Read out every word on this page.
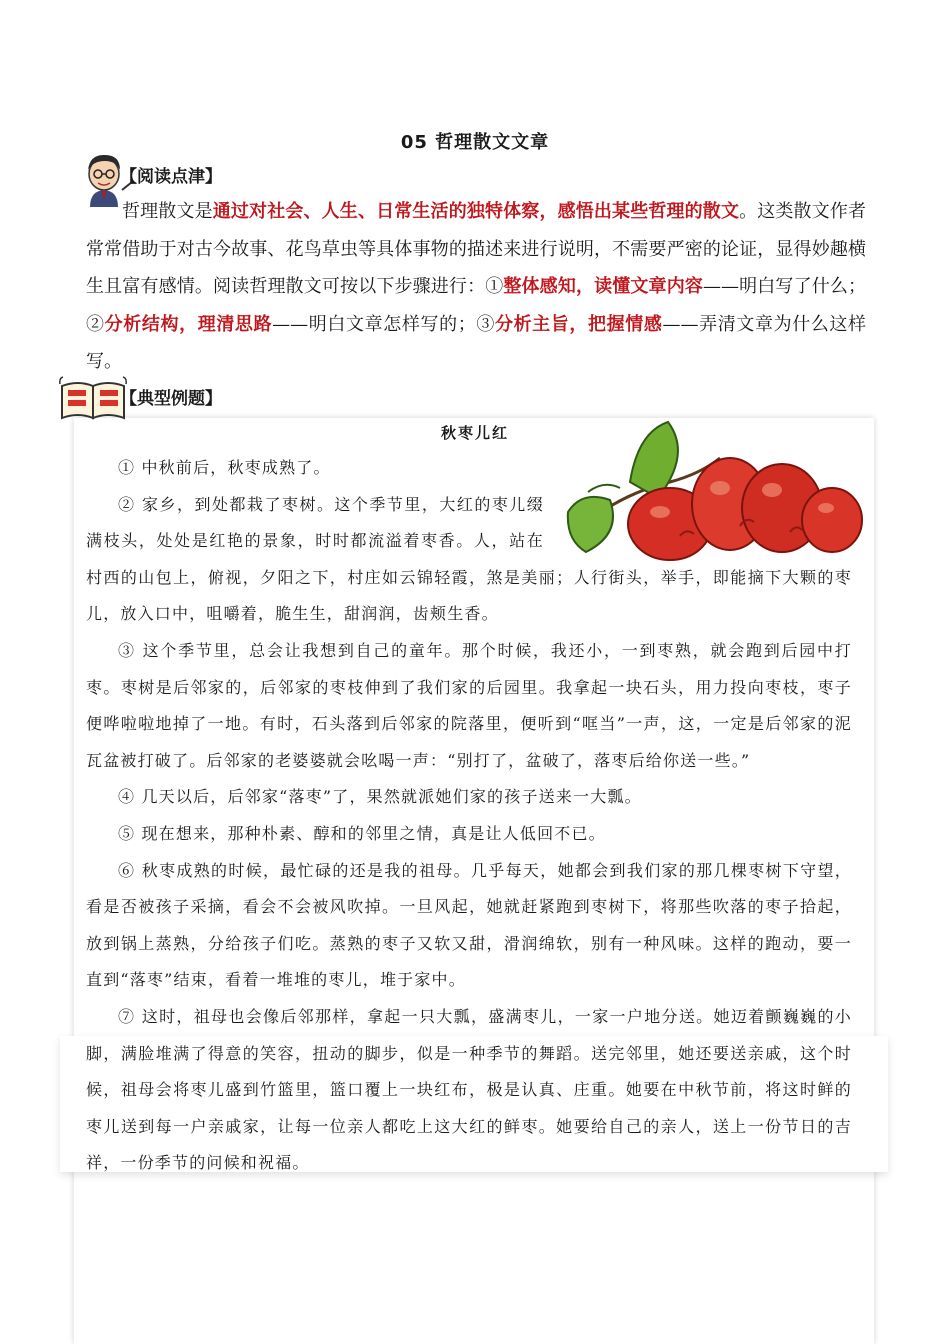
05 哲理散文文章
【阅读点津】

哲理散文是通过对社会、人生、日常生活的独特体察，感悟出某些哲理的散文。这类散文作者常常借助于对古今故事、花鸟草虫等具体事物的描述来进行说明，不需要严密的论证，显得妙趣横生且富有感情。阅读哲理散文可按以下步骤进行：①整体感知，读懂文章内容——明白写了什么；②分析结构，理清思路——明白文章怎样写的；③分析主旨，把握情感——弄清文章为什么这样写。

【典型例题】
秋枣儿红

① 中秋前后，秋枣成熟了。

② 家乡，到处都栽了枣树。这个季节里，大红的枣儿缀满枝头，处处是红艳的景象，时时都流溢着枣香。人，站在村西的山包上，俯视，夕阳之下，村庄如云锦轻霞，煞是美丽；人行街头，举手，即能摘下大颗的枣儿，放入口中，咀嚼着，脆生生，甜润润，齿颊生香。

③ 这个季节里，总会让我想到自己的童年。那个时候，我还小，一到枣熟，就会跑到后园中打枣。枣树是后邻家的，后邻家的枣枝伸到了我们家的后园里。我拿起一块石头，用力投向枣枝，枣子便哗啦啦地掉了一地。有时，石头落到后邻家的院落里，便听到“哐当”一声，这，一定是后邻家的泥瓦盆被打破了。后邻家的老婆婆就会吆喝一声：“别打了，盆破了，落枣后给你送一些。”

④ 几天以后，后邻家“落枣”了，果然就派她们家的孩子送来一大瓢。

⑤ 现在想来，那种朴素、醇和的邻里之情，真是让人低回不已。

⑥ 秋枣成熟的时候，最忙碌的还是我的祖母。几乎每天，她都会到我们家的那几棵枣树下守望，看是否被孩子采摘，看会不会被风吹掉。一旦风起，她就赶紧跑到枣树下，将那些吹落的枣子拾起，放到锅上蒸熟，分给孩子们吃。蒸熟的枣子又软又甜，滑润绵软，别有一种风味。这样的跑动，要一直到“落枣”结束，看着一堆堆的枣儿，堆于家中。

⑦ 这时，祖母也会像后邻那样，拿起一只大瓢，盛满枣儿，一家一户地分送。她迈着颤巍巍的小脚，满脸堆满了得意的笑容，扭动的脚步，似是一种季节的舞蹈。送完邻里，她还要送亲戚，这个时候，祖母会将枣儿盛到竹篮里，篮口覆上一块红布，极是认真、庄重。她要在中秋节前，将这时鲜的枣儿送到每一户亲戚家，让每一位亲人都吃上这大红的鲜枣。她要给自己的亲人，送上一份节日的吉祥，一份季节的问候和祝福。
